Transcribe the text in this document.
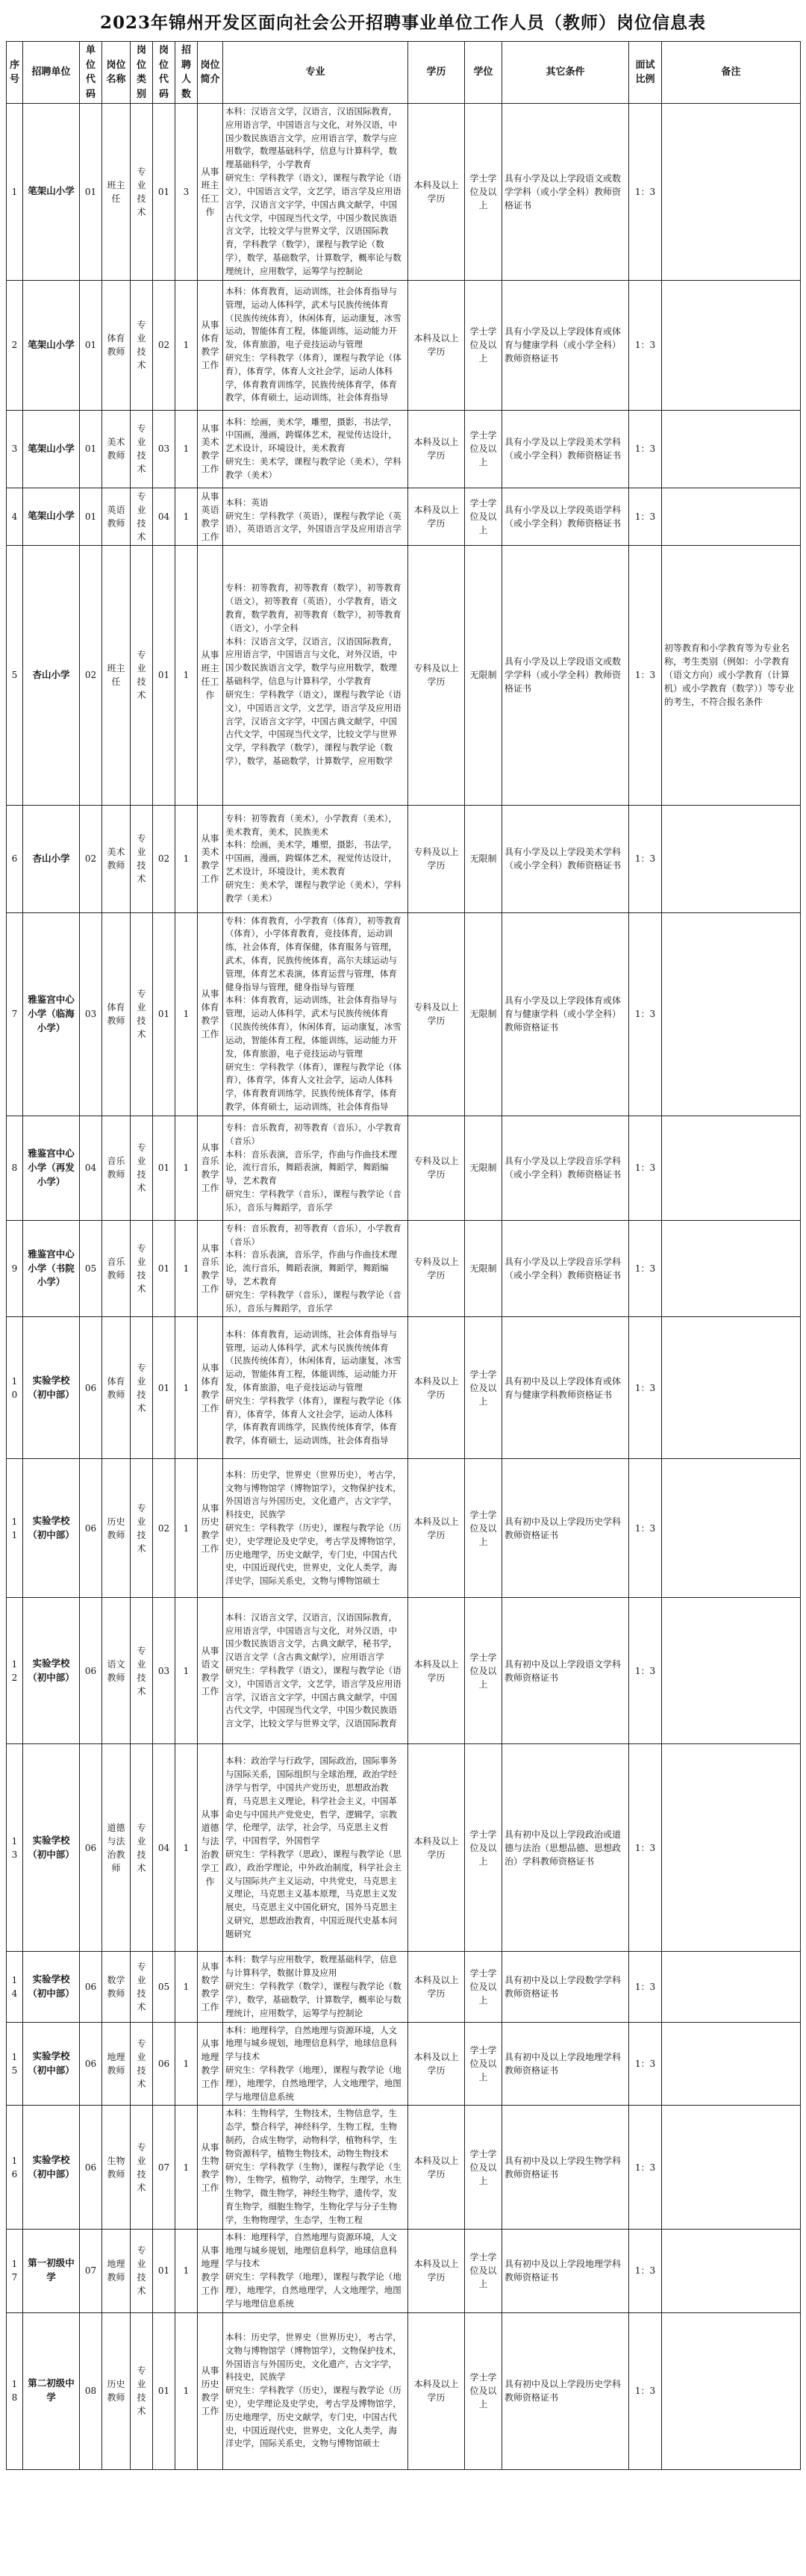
2023年锦州开发区面向社会公开招聘事业单位工作人员（教师）岗位信息表
序号	招聘单位	单位代码	岗位名称	岗位类别	岗位代码	招聘人数	岗位简介	专业	学历	学位	其它条件	面试比例	备注
1	笔架山小学	01	班主任	专业技术	01	3	从事班主任工作	本科：汉语言文学，汉语言，汉语国际教育，应用语言学，中国语言与文化，对外汉语，中国少数民族语言文学，应用语言学，数学与应用数学，数理基础科学，信息与计算科学，数理基础科学，小学教育
研究生：学科教学（语文），课程与教学论（语文），中国语言文学，文艺学，语言学及应用语言学，汉语言文字学，中国古典文献学，中国古代文学，中国现当代文学，中国少数民族语言文学，比较文学与世界文学，汉语国际教育，学科教学（数学），课程与教学论（数学），数学，基础数学，计算数学，概率论与数理统计，应用数学，运筹学与控制论	本科及以上学历	学士学位及以上	具有小学及以上学段语文或数学学科（或小学全科）教师资格证书	1：3	
2	笔架山小学	01	体育教师	专业技术	02	1	从事体育教学工作	本科：体育教育，运动训练，社会体育指导与管理，运动人体科学，武术与民族传统体育（民族传统体育），休闲体育，运动康复，冰雪运动，智能体育工程，体能训练，运动能力开发，体育旅游，电子竞技运动与管理
研究生：学科教学（体育），课程与教学论（体育），体育学，体育人文社会学，运动人体科学，体育教育训练学，民族传统体育学，体育教学，体育硕士，运动训练，社会体育指导	本科及以上学历	学士学位及以上	具有小学及以上学段体育或体育与健康学科（或小学全科）教师资格证书	1：3	
3	笔架山小学	01	美术教师	专业技术	03	1	从事美术教学工作	本科：绘画，美术学，雕塑，摄影，书法学，中国画，漫画，跨媒体艺术，视觉传达设计，艺术设计，环境设计，美术教育
研究生：美术学，课程与教学论（美术），学科教学（美术）	本科及以上学历	学士学位及以上	具有小学及以上学段美术学科（或小学全科）教师资格证书	1：3	
4	笔架山小学	01	英语教师	专业技术	04	1	从事英语教学工作	本科：英语
研究生：学科教学（英语），课程与教学论（英语），英语语言文学，外国语言学及应用语言学	本科及以上学历	学士学位及以上	具有小学及以上学段英语学科（或小学全科）教师资格证书	1：3	
5	杏山小学	02	班主任	专业技术	01	1	从事班主任工作	专科：初等教育，初等教育（数学），初等教育（语文），初等教育（英语），小学教育，语文教育，数学教育，初等教育（数学），初等教育（语文），小学全科
本科：汉语言文学，汉语言，汉语国际教育，应用语言学，中国语言与文化，对外汉语，中国少数民族语言文学，数学与应用数学，数理基础科学，信息与计算科学，小学教育
研究生：学科教学（语文），课程与教学论（语文），中国语言文学，文艺学，语言学及应用语言学，汉语言文字学，中国古典文献学，中国古代文学，中国现当代文学，比较文学与世界文学，学科教学（数学），课程与教学论（数学），数学，基础数学，计算数学，应用数学	专科及以上学历	无限制	具有小学及以上学段语文或数学学科（或小学全科）教师资格证书	1：3	初等教育和小学教育等为专业名称，考生类别（例如：小学教育（语文方向）或小学教育（计算机）或小学教育（数学））等专业的考生，不符合报名条件
6	杏山小学	02	美术教师	专业技术	02	1	从事美术教学工作	专科：初等教育（美术），小学教育（美术），美术教育，美术，民族美术
本科：绘画，美术学，雕塑，摄影，书法学，中国画，漫画，跨媒体艺术，视觉传达设计，艺术设计，环境设计，美术教育
研究生：美术学，课程与教学论（美术），学科教学（美术）	专科及以上学历	无限制	具有小学及以上学段美术学科（或小学全科）教师资格证书	1：3	
7	雅鉴宫中心小学（临海小学）	03	体育教师	专业技术	01	1	从事体育教学工作	专科：体育教育，小学教育（体育），初等教育（体育），小学体育教育，竞技体育，运动训练，社会体育，体育保健，体育服务与管理，武术，体育，民族传统体育，高尔夫球运动与管理，体育艺术表演，体育运营与管理，体育健身指导与管理，健身指导与管理
本科：体育教育，运动训练，社会体育指导与管理，运动人体科学，武术与民族传统体育（民族传统体育），休闲体育，运动康复，冰雪运动，智能体育工程，体能训练，运动能力开发，体育旅游，电子竞技运动与管理
研究生：学科教学（体育），课程与教学论（体育），体育学，体育人文社会学，运动人体科学，体育教育训练学，民族传统体育学，体育教学，体育硕士，运动训练，社会体育指导	专科及以上学历	无限制	具有小学及以上学段体育或体育与健康学科（或小学全科）教师资格证书	1：3	
8	雅鉴宫中心小学（再发小学）	04	音乐教师	专业技术	01	1	从事音乐教学工作	专科：音乐教育，初等教育（音乐），小学教育（音乐）
本科：音乐表演，音乐学，作曲与作曲技术理论，流行音乐，舞蹈表演，舞蹈学，舞蹈编导，艺术教育
研究生：学科教学（音乐），课程与教学论（音乐），音乐与舞蹈学，音乐学	专科及以上学历	无限制	具有小学及以上学段音乐学科（或小学全科）教师资格证书	1：3	
9	雅鉴宫中心小学（书院小学）	05	音乐教师	专业技术	01	1	从事音乐教学工作	专科：音乐教育，初等教育（音乐），小学教育（音乐）
本科：音乐表演，音乐学，作曲与作曲技术理论，流行音乐，舞蹈表演，舞蹈学，舞蹈编导，艺术教育
研究生：学科教学（音乐），课程与教学论（音乐），音乐与舞蹈学，音乐学	专科及以上学历	无限制	具有小学及以上学段音乐学科（或小学全科）教师资格证书	1：3	
10	实验学校（初中部）	06	体育教师	专业技术	01	1	从事体育教学工作	本科：体育教育，运动训练，社会体育指导与管理，运动人体科学，武术与民族传统体育（民族传统体育），休闲体育，运动康复，冰雪运动，智能体育工程，体能训练，运动能力开发，体育旅游，电子竞技运动与管理
研究生：学科教学（体育），课程与教学论（体育），体育学，体育人文社会学，运动人体科学，体育教育训练学，民族传统体育学，体育教学，体育硕士，运动训练，社会体育指导	本科及以上学历	学士学位及以上	具有初中及以上学段体育或体育与健康学科教师资格证书	1：3	
11	实验学校（初中部）	06	历史教师	专业技术	02	1	从事历史教学工作	本科：历史学，世界史（世界历史），考古学，文物与博物馆学（博物馆学），文物保护技术，外国语言与外国历史，文化遗产，古文字学，科技史，民族学
研究生：学科教学（历史），课程与教学论（历史），史学理论及史学史，考古学及博物馆学，历史地理学，历史文献学，专门史，中国古代史，中国近现代史，世界史，文化人类学，海洋史学，国际关系史，文物与博物馆硕士	本科及以上学历	学士学位及以上	具有初中及以上学段历史学科教师资格证书	1：3	
12	实验学校（初中部）	06	语文教师	专业技术	03	1	从事语文教学工作	本科：汉语言文学，汉语言，汉语国际教育，应用语言学，中国语言与文化，对外汉语，中国少数民族语言文学，古典文献学，秘书学，汉语言文学（含古典文献学），应用语言学
研究生：学科教学（语文），课程与教学论（语文），中国语言文学，文艺学，语言学及应用语言学，汉语言文字学，中国古典文献学，中国古代文学，中国现当代文学，中国少数民族语言文学，比较文学与世界文学，汉语国际教育	本科及以上学历	学士学位及以上	具有初中及以上学段语文学科教师资格证书	1：3	
13	实验学校（初中部）	06	道德与法治教师	专业技术	04	1	从事道德与法治教学工作	本科：政治学与行政学，国际政治，国际事务与国际关系，国际组织与全球治理，政治学经济学与哲学，中国共产党历史，思想政治教育，马克思主义理论，科学社会主义，中国革命史与中国共产党党史，哲学，逻辑学，宗教学，伦理学，法学，社会学，马克思主义哲学，中国哲学，外国哲学
研究生：学科教学（思政），课程与教学论（思政），政治学理论，中外政治制度，科学社会主义与国际共产主义运动，中共党史，马克思主义理论，马克思主义基本原理，马克思主义发展史，马克思主义中国化研究，国外马克思主义研究，思想政治教育，中国近现代史基本问题研究	本科及以上学历	学士学位及以上	具有初中及以上学段政治或道德与法治（思想品德、思想政治）学科教师资格证书	1：3	
14	实验学校（初中部）	06	数学教师	专业技术	05	1	从事数学教学工作	本科：数学与应用数学，数理基础科学，信息与计算科学，数据计算及应用
研究生：学科教学（数学），课程与教学论（数学），数学，基础数学，计算数学，概率论与数理统计，应用数学，运筹学与控制论	本科及以上学历	学士学位及以上	具有初中及以上学段数学学科教师资格证书	1：3	
15	实验学校（初中部）	06	地理教师	专业技术	06	1	从事地理教学工作	本科：地理科学，自然地理与资源环境，人文地理与城乡规划，地理信息科学，地球信息科学与技术
研究生：学科教学（地理），课程与教学论（地理），地理学，自然地理学，人文地理学，地图学与地理信息系统	本科及以上学历	学士学位及以上	具有初中及以上学段地理学科教师资格证书	1：3	
16	实验学校（初中部）	06	生物教师	专业技术	07	1	从事生物教学工作	本科：生物科学，生物技术，生物信息学，生态学，整合科学，神经科学，生物工程，生物制药，合成生物学，动物科学，植物科学，生物资源科学，植物生物技术，动物生物技术
研究生：学科教学（生物），课程与教学论（生物），生物学，植物学，动物学，生理学，水生生物学，微生物学，神经生物学，遗传学，发育生物学，细胞生物学，生物化学与分子生物学，生物物理学，生态学，生物工程	本科及以上学历	学士学位及以上	具有初中及以上学段生物学科教师资格证书	1：3	
17	第一初级中学	07	地理教师	专业技术	01	1	从事地理教学工作	本科：地理科学，自然地理与资源环境，人文地理与城乡规划，地理信息科学，地球信息科学与技术
研究生：学科教学（地理），课程与教学论（地理），地理学，自然地理学，人文地理学，地图学与地理信息系统	本科及以上学历	学士学位及以上	具有初中及以上学段地理学科教师资格证书	1：3	
18	第二初级中学	08	历史教师	专业技术	01	1	从事历史教学工作	本科：历史学，世界史（世界历史），考古学，文物与博物馆学（博物馆学），文物保护技术，外国语言与外国历史，文化遗产，古文字学，科技史，民族学
研究生：学科教学（历史），课程与教学论（历史），史学理论及史学史，考古学及博物馆学，历史地理学，历史文献学，专门史，中国古代史，中国近现代史，世界史，文化人类学，海洋史学，国际关系史，文物与博物馆硕士	本科及以上学历	学士学位及以上	具有初中及以上学段历史学科教师资格证书	1：3	
